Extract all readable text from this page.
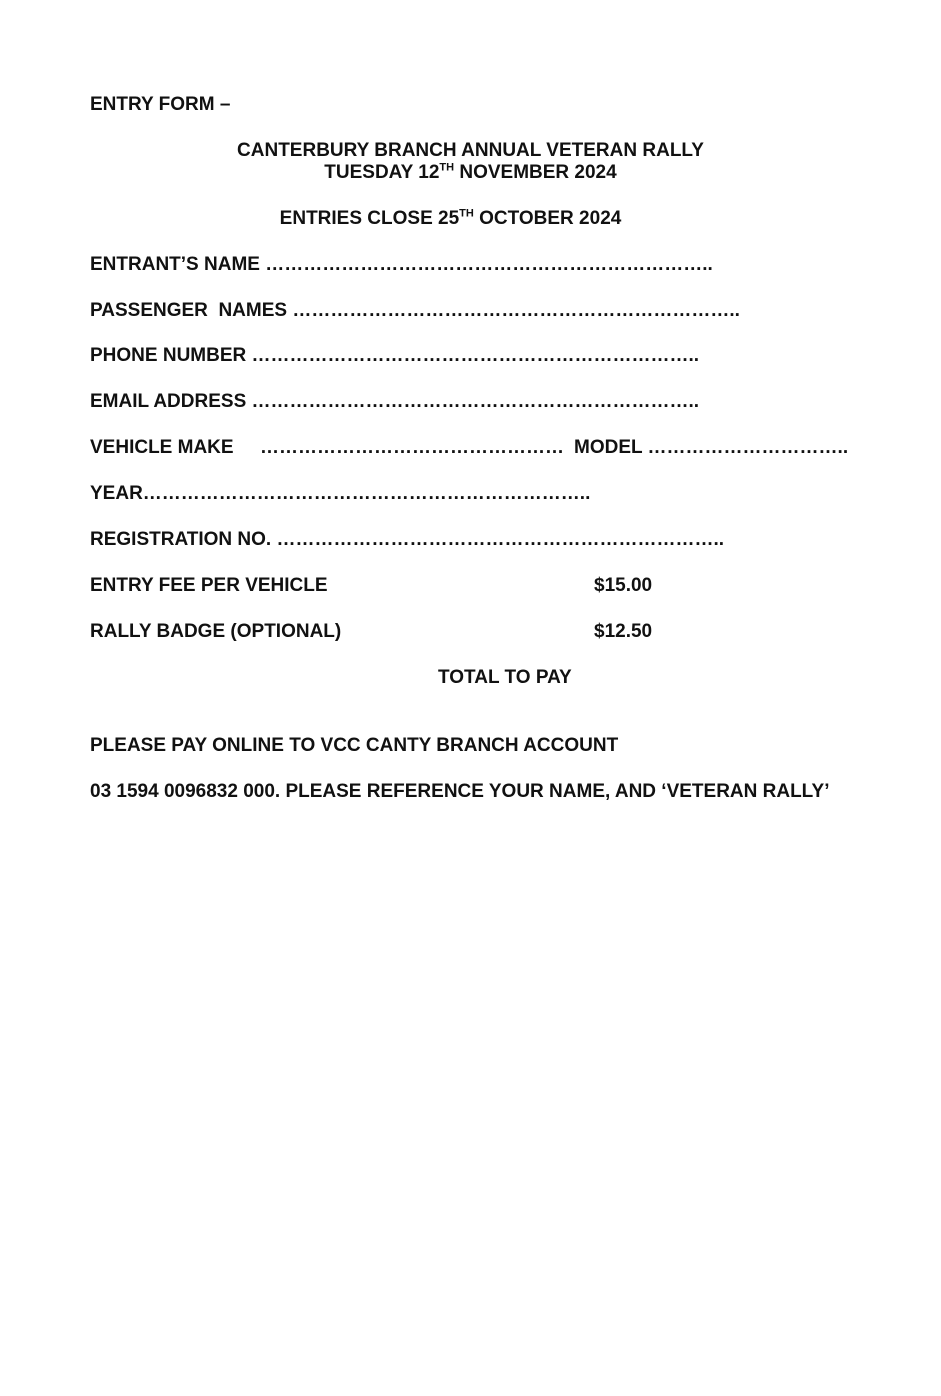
ENTRY FORM –
CANTERBURY BRANCH ANNUAL VETERAN RALLY
TUESDAY 12TH NOVEMBER 2024
ENTRIES CLOSE 25TH OCTOBER 2024
ENTRANT’S NAME ……………………………………………………………..
PASSENGER  NAMES ……………………………………………………………..
PHONE NUMBER ……………………………………………………………..
EMAIL ADDRESS ……………………………………………………………..
VEHICLE MAKE ………………………………………… MODEL …………………………..
YEAR……………………………………………………………..
REGISTRATION NO. ……………………………………………………………..
ENTRY FEE PER VEHICLE	$15.00
RALLY BADGE (OPTIONAL)	$12.50
TOTAL TO PAY
PLEASE PAY ONLINE TO VCC CANTY BRANCH ACCOUNT
03 1594 0096832 000. PLEASE REFERENCE YOUR NAME, AND ‘VETERAN RALLY’
